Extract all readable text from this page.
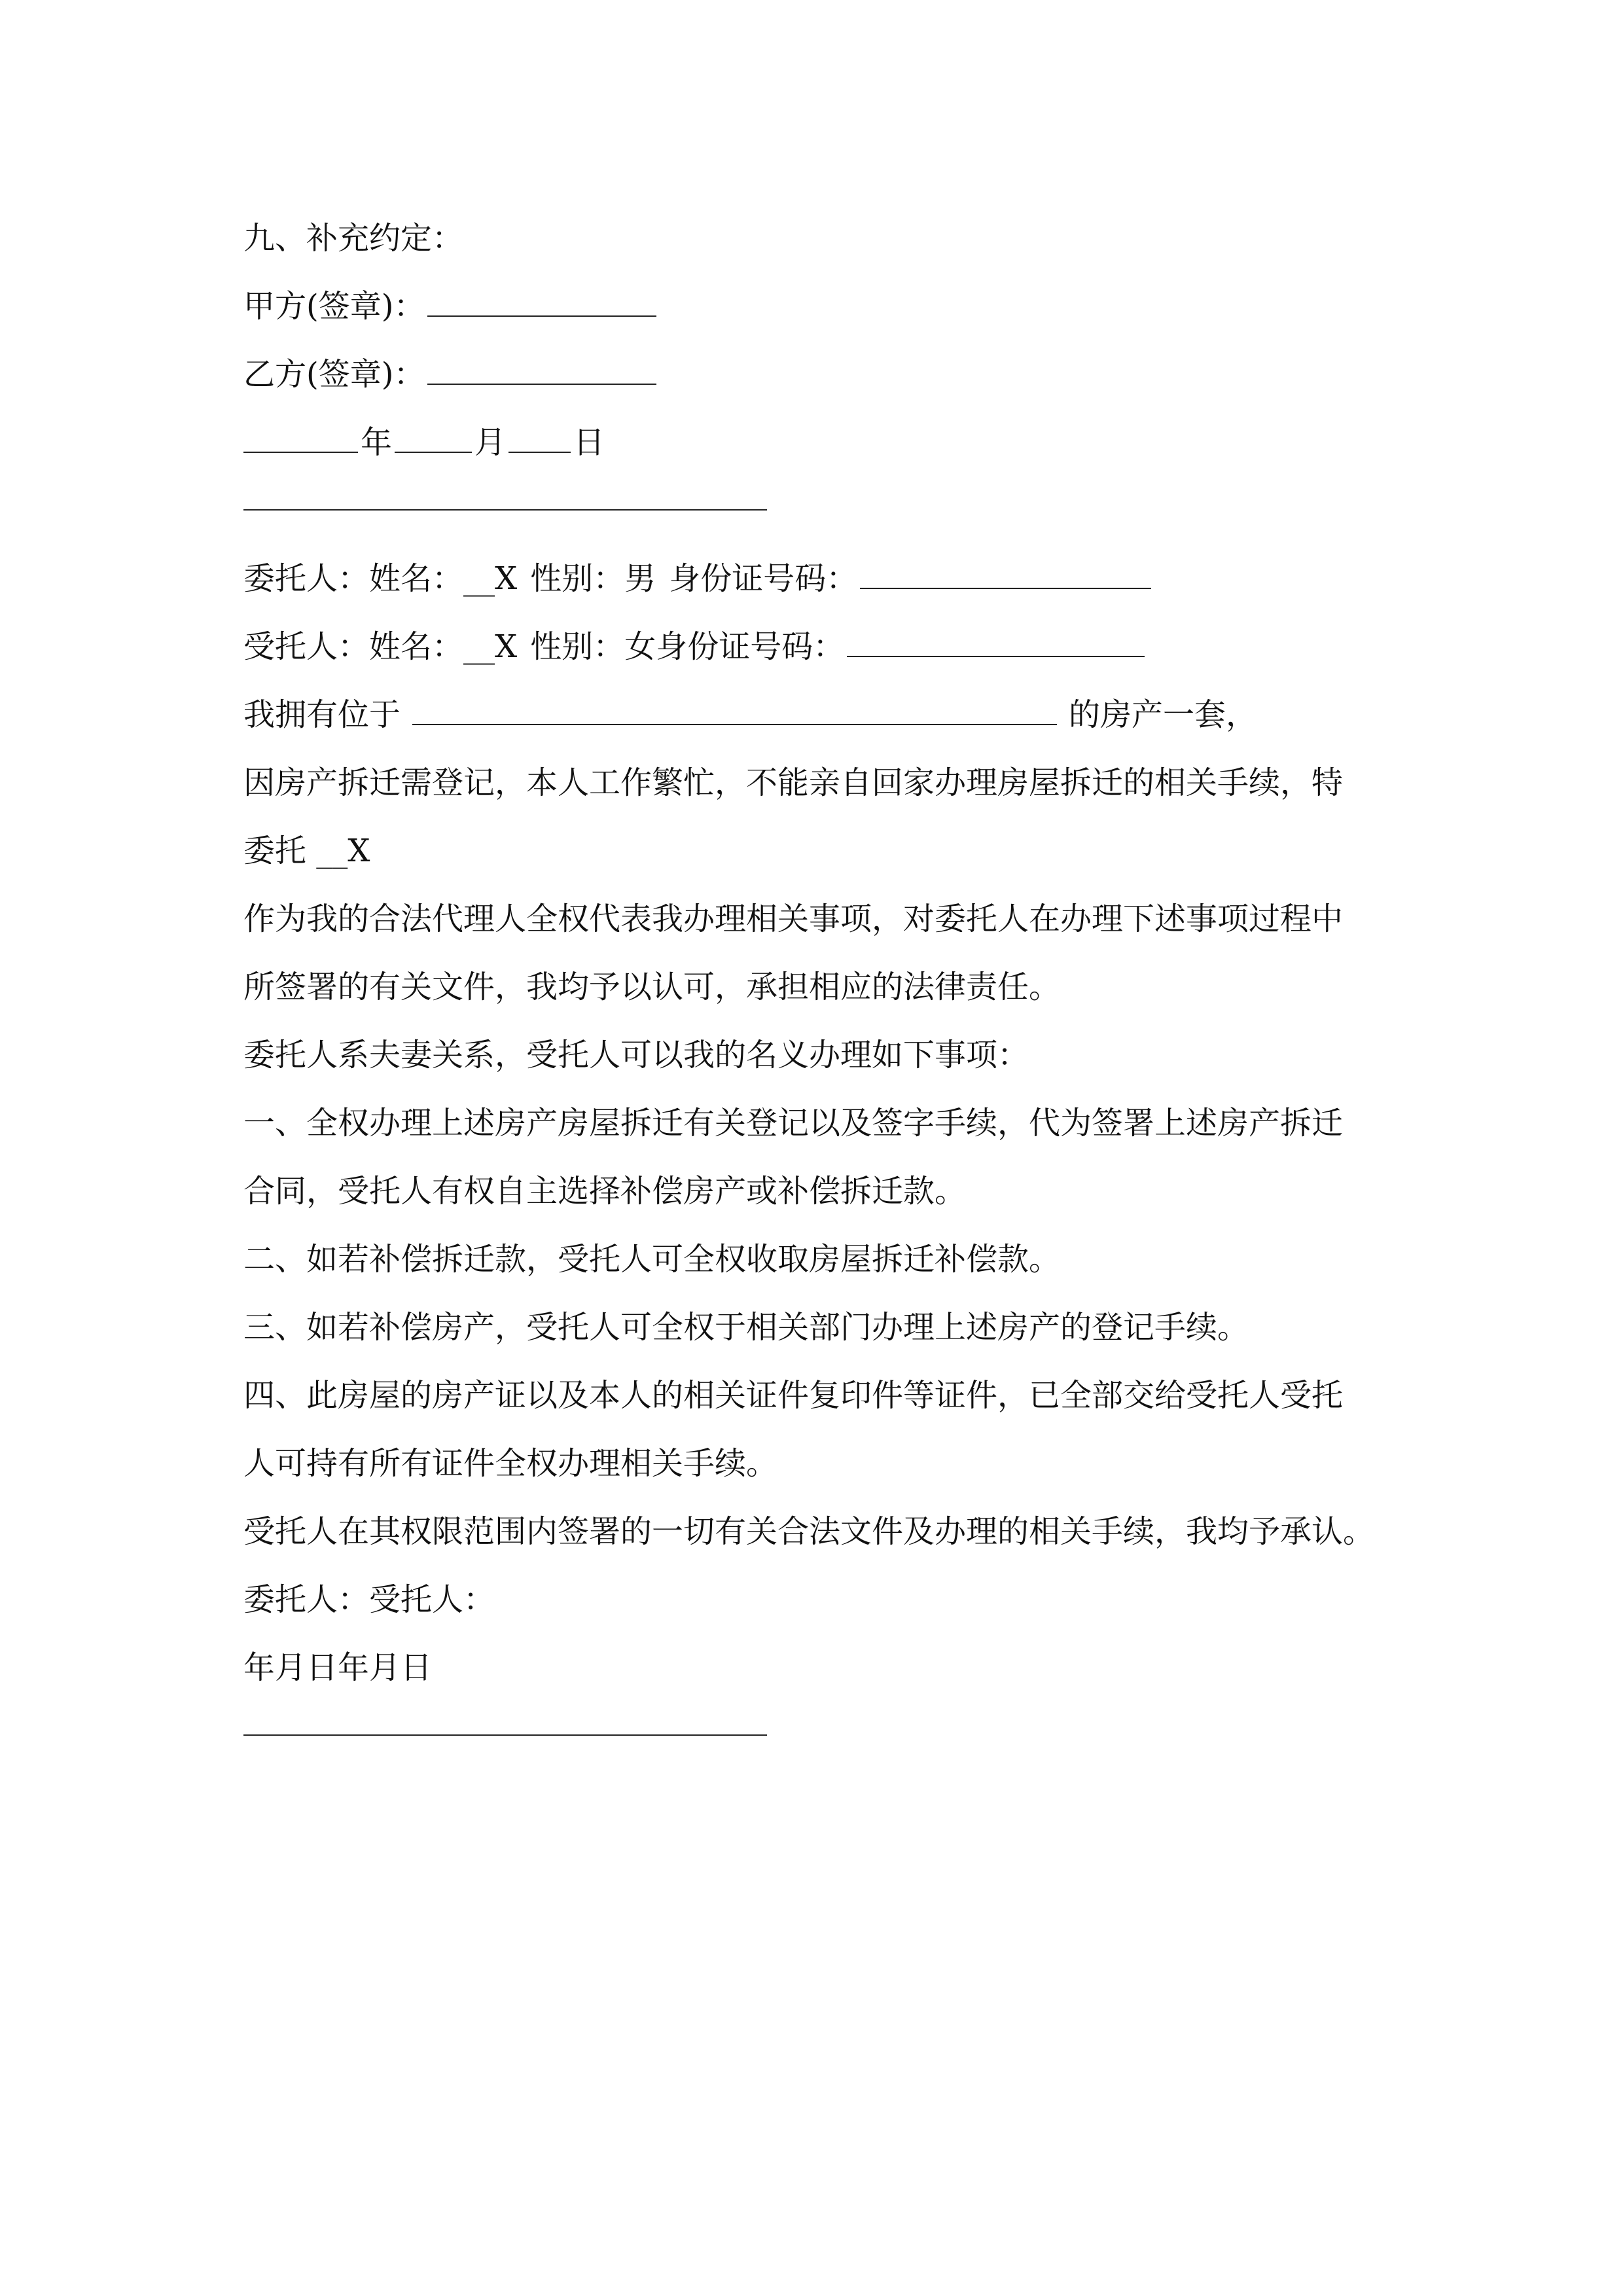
九、补充约定：
甲方(签章)：
乙方(签章)：
年	月 日
委托人：姓名：__X 性别：男 身份证号码：
受托人：姓名：__X 性别：女身份证号码：
我拥有位于	的房产一套，
因房产拆迁需登记，本人工作繁忙，不能亲自回家办理房屋拆迁的相关手续，特
委托 __X
作为我的合法代理人全权代表我办理相关事项，对委托人在办理下述事项过程中
所签署的有关文件，我均予以认可，承担相应的法律责任。
委托人系夫妻关系，受托人可以我的名义办理如下事项：
一、全权办理上述房产房屋拆迁有关登记以及签字手续，代为签署上述房产拆迁
合同，受托人有权自主选择补偿房产或补偿拆迁款。
二、如若补偿拆迁款，受托人可全权收取房屋拆迁补偿款。
三、如若补偿房产，受托人可全权于相关部门办理上述房产的登记手续。
四、此房屋的房产证以及本人的相关证件复印件等证件，已全部交给受托人受托
人可持有所有证件全权办理相关手续。
受托人在其权限范围内签署的一切有关合法文件及办理的相关手续，我均予承认。
委托人：受托人：
年月日年月日
